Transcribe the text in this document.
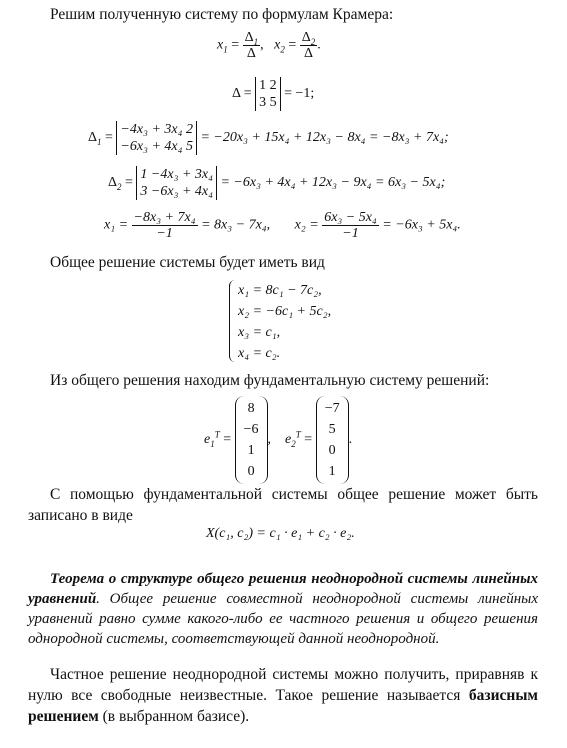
Решим полученную систему по формулам Крамера:
$x_1 = \frac{\Delta_1}{\Delta}$ , $x_2 = \frac{\Delta_2}{\Delta}$ .
Δ =
1 2
3 5
= −1;
$\Delta_1$ =
−4x₃ + 3x₄ 2
−6x₃ + 4x₄ 5
= −20x₃ + 15x₄ + 12x₃ − 8x₄ = −8x₃ + 7x₄;
$\Delta_2$ =
1 −4x₃ + 3x₄
3 −6x₃ + 4x₄
= −6x₃ + 4x₄ + 12x₃ − 9x₄ = 6x₃ − 5x₄;
$x_1 = \frac{\text{−8x₃ + 7x₄}}{-1} = 8x_3 - 7x_4$, $x_2 = \frac{\text{6x₃ − 5x₄}}{-1} = -6x_3 + 5x_4$.
Общее решение системы будет иметь вид
x₁ = 8c₁ − 7c₂,
x₂ = −6c₁ + 5c₂,
x₃ = c₁,
x₄ = c₂.
Из общего решения находим фундаментальную систему решений:
$e_1^T$ =
8
−6
1
0
, $e_2^T$ =
−7
5
0
1
.
С помощью фундаментальной системы общее решение может быть записано в виде
X(c₁, c₂) = c₁ · e₁ + c₂ · e₂.
Теорема о структуре общего решения неоднородной системы линейных уравнений. Общее решение совместной неоднородной системы линейных уравнений равно сумме какого-либо ее частного решения и общего решения однородной системы, соответствующей данной неоднородной.
Частное решение неоднородной системы можно получить, приравняв к нулю все свободные неизвестные. Такое решение называется базисным решением (в выбранном базисе).
